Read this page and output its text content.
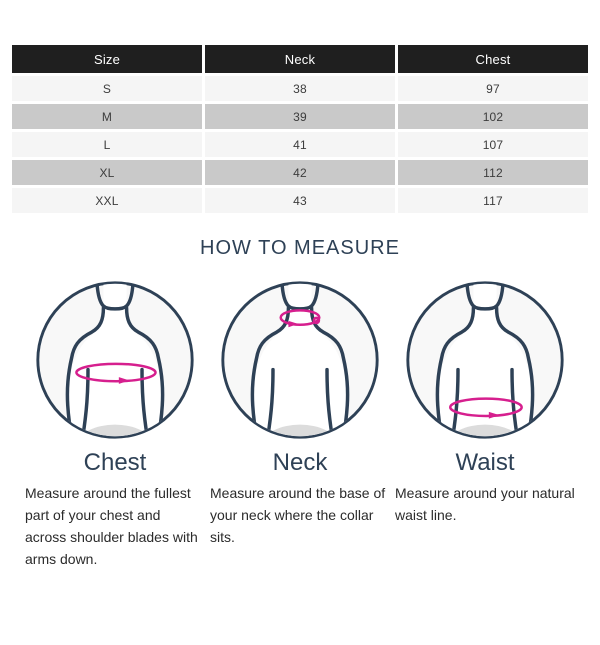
Size	Neck	Chest
S	38	97
M	39	102
L	41	107
XL	42	112
XXL	43	117
HOW TO MEASURE
Chest

Measure around the fullest part of your chest and across shoulder blades with arms down.

Neck

Measure around the base of your neck where the collar sits.

Waist

Measure around your natural waist line.
